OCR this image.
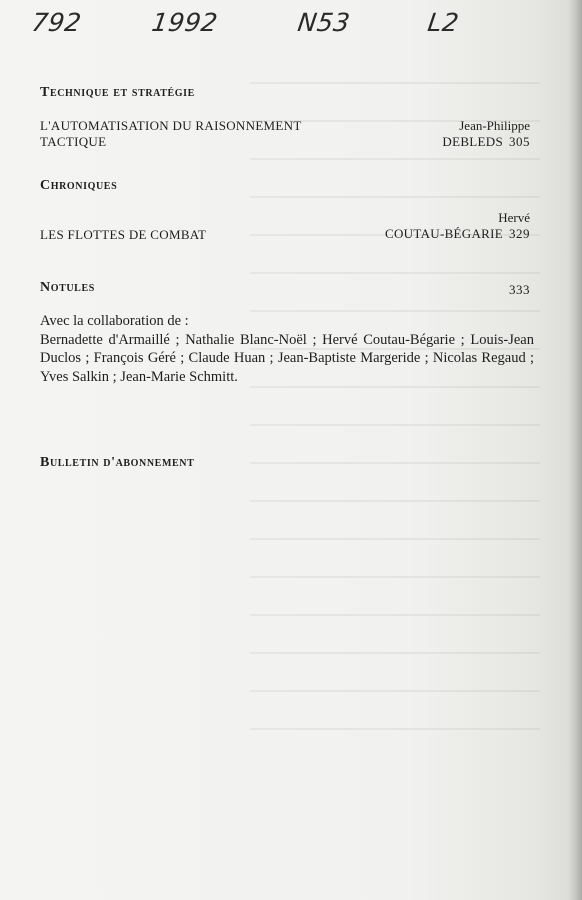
792	1992	N53	L2
Technique et stratégie
L'AUTOMATISATION DU RAISONNEMENT
TACTIQUE
Jean-Philippe
DEBLEDS 305
Chroniques
LES FLOTTES DE COMBAT
Hervé
COUTAU-BÉGARIE 329
Notules	333
Avec la collaboration de :
Bernadette d'Armaillé ; Nathalie Blanc-Noël ; Hervé Coutau-Bégarie ; Louis-Jean Duclos ; François Géré ; Claude Huan ; Jean-Baptiste Margeride ; Nicolas Regaud ; Yves Salkin ; Jean-Marie Schmitt.
Bulletin d'abonnement
